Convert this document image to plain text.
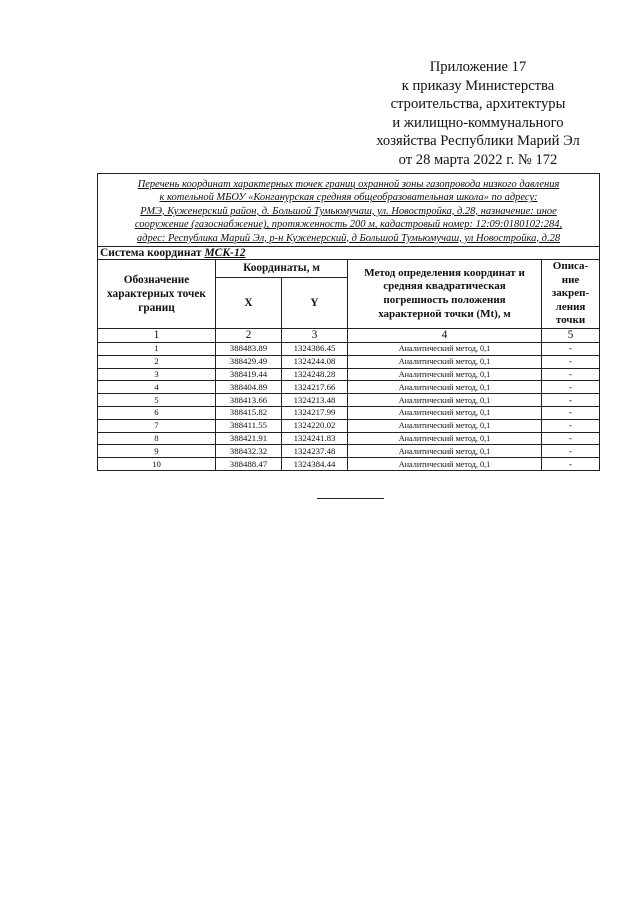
Приложение 17
к приказу Министерства
строительства, архитектуры
и жилищно-коммунального
хозяйства Республики Марий Эл
от 28 марта 2022 г. № 172
Перечень координат характерных точек границ охранной зоны газопровода низкого давления
к котельной МБОУ «Конганурская средняя общеобразовательная школа» по адресу:
РМЭ, Куженерский район, д. Большой Тумьюмучаш, ул. Новостройка, д.28, назначение: иное
сооружение (газоснабжение), протяженность 200 м, кадастровый номер: 12:09:0180102:284,
адрес: Республика Марий Эл, р-н Куженерский, д Большой Тумьюмучаш, ул Новостройка, д.28				

Система координат МСК-12				
Обозначение характерных точек границ	Координаты, м		Метод определения координат и средняя квадратическая погрешность положения характерной точки (Mt), м	Описа-ние закреп-ления точки
	X	Y		
1	2	3	4	5
1	388483.89	1324386.45	Аналитический метод, 0,1	-
2	388429.49	1324244.08	Аналитический метод, 0,1	-
3	388419.44	1324248.28	Аналитический метод, 0,1	-
4	388404.89	1324217.66	Аналитический метод, 0,1	-
5	388413.66	1324213.48	Аналитический метод, 0,1	-
6	388415.82	1324217.99	Аналитический метод, 0,1	-
7	388411.55	1324220.02	Аналитический метод, 0,1	-
8	388421.91	1324241.83	Аналитический метод, 0,1	-
9	388432.32	1324237.48	Аналитический метод, 0,1	-
10	388488.47	1324384.44	Аналитический метод, 0,1	-
